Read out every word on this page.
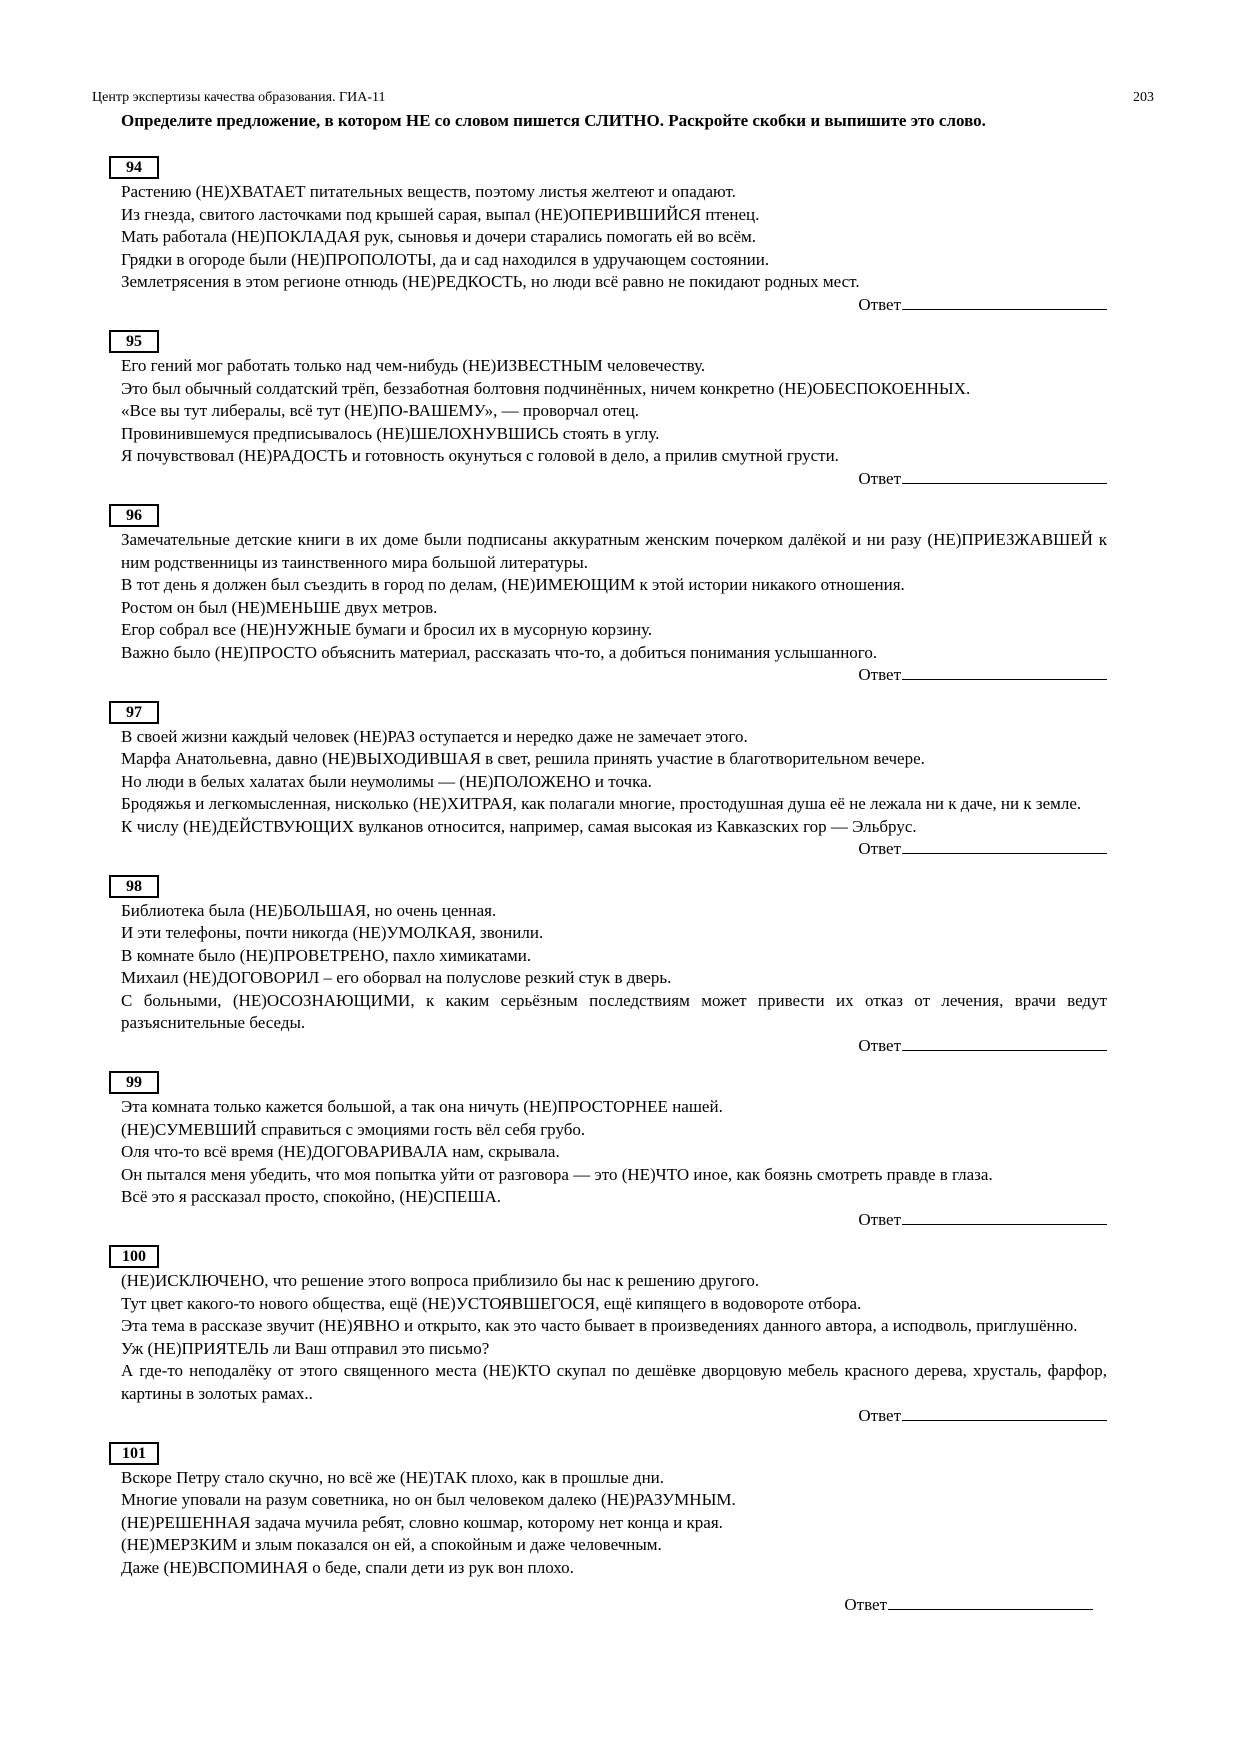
Центр экспертизы качества образования. ГИА-11	203
Определите предложение, в котором НЕ со словом пишется СЛИТНО. Раскройте скобки и выпишите это слово.
94
Растению (НЕ)ХВАТАЕТ питательных веществ, поэтому листья желтеют и опадают.
Из гнезда, свитого ласточками под крышей сарая, выпал (НЕ)ОПЕРИВШИЙСЯ птенец.
Мать работала (НЕ)ПОКЛАДАЯ рук, сыновья и дочери старались помогать ей во всём.
Грядки в огороде были (НЕ)ПРОПОЛОТЫ, да и сад находился в удручающем состоянии.
Землетрясения в этом регионе отнюдь (НЕ)РЕДКОСТЬ, но люди всё равно не покидают родных мест.
Ответ
95
Его гений мог работать только над чем-нибудь (НЕ)ИЗВЕСТНЫМ человечеству.
Это был обычный солдатский трёп, беззаботная болтовня подчинённых, ничем конкретно (НЕ)ОБЕСПОКОЕННЫХ.
«Все вы тут либералы, всё тут (НЕ)ПО-ВАШЕМУ», — проворчал отец.
Провинившемуся предписывалось (НЕ)ШЕЛОХНУВШИСЬ стоять в углу.
Я почувствовал (НЕ)РАДОСТЬ и готовность окунуться с головой в дело, а прилив смутной грусти.
Ответ
96
Замечательные детские книги в их доме были подписаны аккуратным женским почерком далёкой и ни разу (НЕ)ПРИЕЗЖАВШЕЙ к ним родственницы из таинственного мира большой литературы.
В тот день я должен был съездить в город по делам, (НЕ)ИМЕЮЩИМ к этой истории никакого отношения.
Ростом он был (НЕ)МЕНЬШЕ двух метров.
Егор собрал все (НЕ)НУЖНЫЕ бумаги и бросил их в мусорную корзину.
Важно было (НЕ)ПРОСТО объяснить материал, рассказать что-то, а добиться понимания услышанного.
Ответ
97
В своей жизни каждый человек (НЕ)РАЗ оступается и нередко даже не замечает этого.
Марфа Анатольевна, давно (НЕ)ВЫХОДИВШАЯ в свет, решила принять участие в благотворительном вечере.
Но люди в белых халатах были неумолимы — (НЕ)ПОЛОЖЕНО и точка.
Бродяжья и легкомысленная, нисколько (НЕ)ХИТРАЯ, как полагали многие, простодушная душа её не лежала ни к даче, ни к земле.
К числу (НЕ)ДЕЙСТВУЮЩИХ вулканов относится, например, самая высокая из Кавказских гор — Эльбрус.
Ответ
98
Библиотека была (НЕ)БОЛЬШАЯ, но очень ценная.
И эти телефоны, почти никогда (НЕ)УМОЛКАЯ, звонили.
В комнате было (НЕ)ПРОВЕТРЕНО, пахло химикатами.
Михаил (НЕ)ДОГОВОРИЛ – его оборвал на полуслове резкий стук в дверь.
С больными, (НЕ)ОСОЗНАЮЩИМИ, к каким серьёзным последствиям может привести их отказ от лечения, врачи ведут разъяснительные беседы.
Ответ
99
Эта комната только кажется большой, а так она ничуть (НЕ)ПРОСТОРНЕЕ нашей.
(НЕ)СУМЕВШИЙ справиться с эмоциями гость вёл себя грубо.
Оля что-то всё время (НЕ)ДОГОВАРИВАЛА нам, скрывала.
Он пытался меня убедить, что моя попытка уйти от разговора — это (НЕ)ЧТО иное, как боязнь смотреть правде в глаза.
Всё это я рассказал просто, спокойно, (НЕ)СПЕША.
Ответ
100
(НЕ)ИСКЛЮЧЕНО, что решение этого вопроса приблизило бы нас к решению другого.
Тут цвет какого-то нового общества, ещё (НЕ)УСТОЯВШЕГОСЯ, ещё кипящего в водовороте отбора.
Эта тема в рассказе звучит (НЕ)ЯВНО и открыто, как это часто бывает в произведениях данного автора, а исподволь, приглушённо.
Уж (НЕ)ПРИЯТЕЛЬ ли Ваш отправил это письмо?
А где-то неподалёку от этого священного места (НЕ)КТО скупал по дешёвке дворцовую мебель красного дерева, хрусталь, фарфор, картины в золотых рамах..
Ответ
101
Вскоре Петру стало скучно, но всё же (НЕ)ТАК плохо, как в прошлые дни.
Многие уповали на разум советника, но он был человеком далеко (НЕ)РАЗУМНЫМ.
(НЕ)РЕШЕННАЯ задача мучила ребят, словно кошмар, которому нет конца и края.
(НЕ)МЕРЗКИМ и злым показался он ей, а спокойным и даже человечным.
Даже (НЕ)ВСПОМИНАЯ о беде, спали дети из рук вон плохо.
Ответ
